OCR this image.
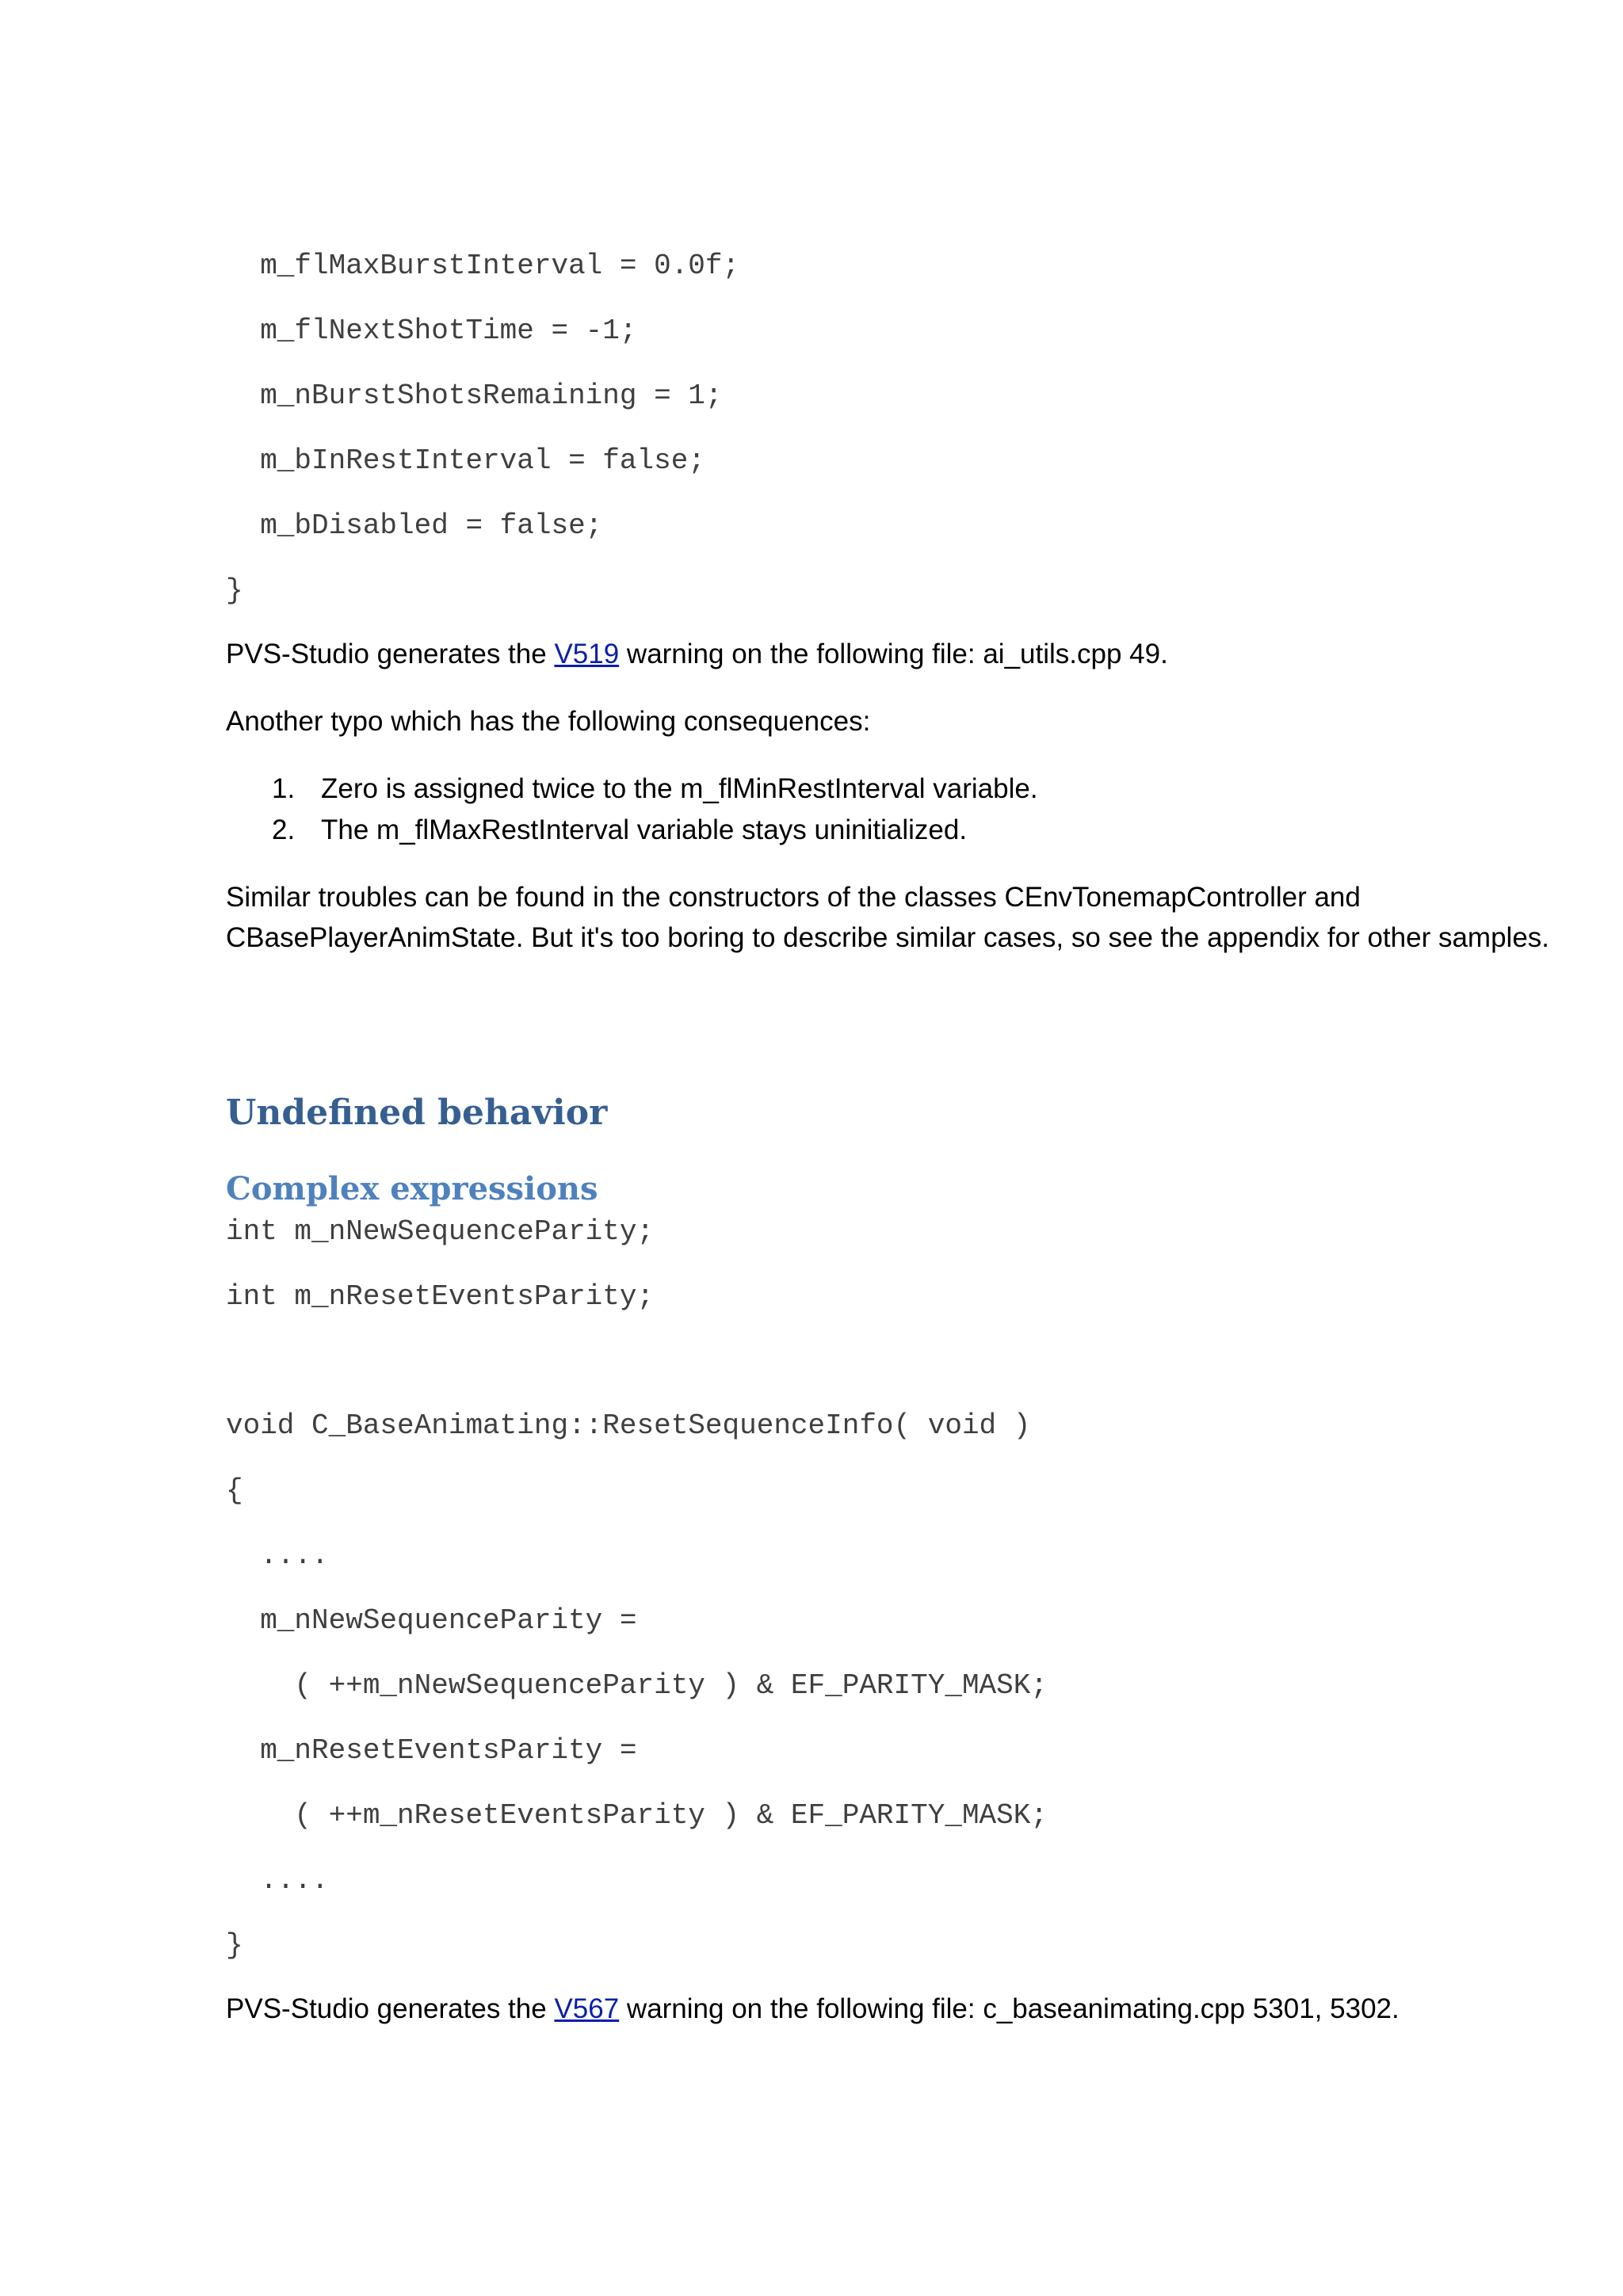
m_flMaxBurstInterval = 0.0f;
m_flNextShotTime = -1;
m_nBurstShotsRemaining = 1;
m_bInRestInterval = false;
m_bDisabled = false;
}
PVS-Studio generates the V519 warning on the following file: ai_utils.cpp 49.
Another typo which has the following consequences:
1. Zero is assigned twice to the m_flMinRestInterval variable.
2. The m_flMaxRestInterval variable stays uninitialized.
Similar troubles can be found in the constructors of the classes CEnvTonemapController and
CBasePlayerAnimState. But it's too boring to describe similar cases, so see the appendix for other samples.
Undefined behavior
Complex expressions
int m_nNewSequenceParity;
int m_nResetEventsParity;
void C_BaseAnimating::ResetSequenceInfo( void )
{
....
m_nNewSequenceParity =
( ++m_nNewSequenceParity ) & EF_PARITY_MASK;
m_nResetEventsParity =
( ++m_nResetEventsParity ) & EF_PARITY_MASK;
....
}
PVS-Studio generates the V567 warning on the following file: c_baseanimating.cpp 5301, 5302.
